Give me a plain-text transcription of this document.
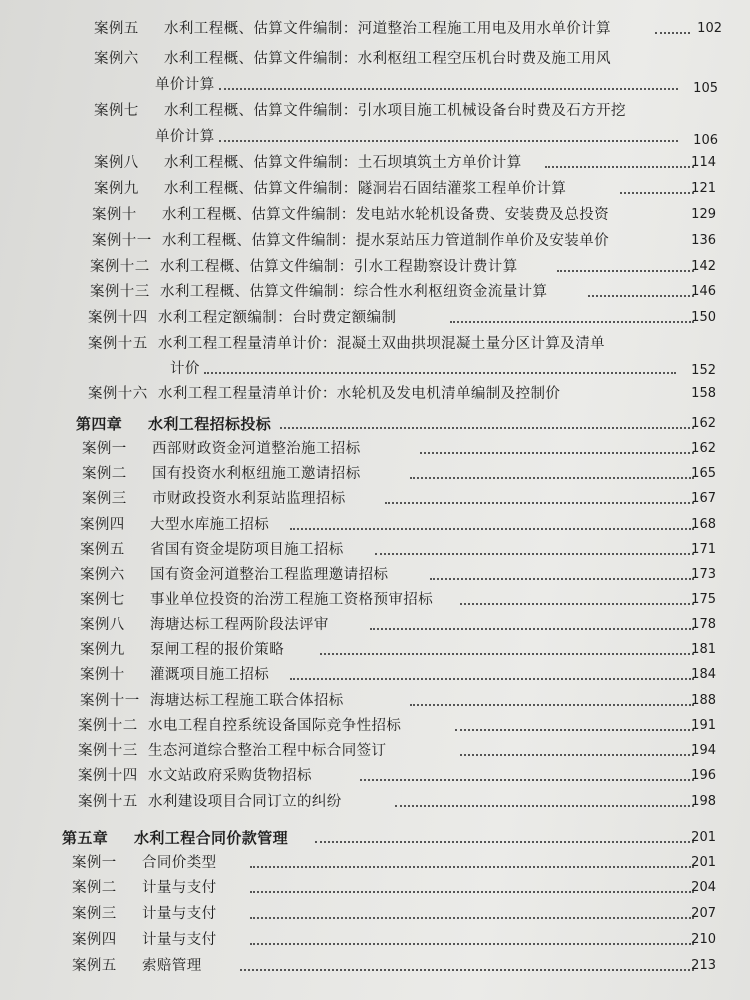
案例五 水利工程概、估算文件编制：河道整治工程施工用电及用水单价计算	102
案例六 水利工程概、估算文件编制：水利枢纽工程空压机台时费及施工用风
单价计算	105
案例七 水利工程概、估算文件编制：引水项目施工机械设备台时费及石方开挖
单价计算	106
案例八 水利工程概、估算文件编制：土石坝填筑土方单价计算	114
案例九 水利工程概、估算文件编制：隧洞岩石固结灌浆工程单价计算	121
案例十 水利工程概、估算文件编制：发电站水轮机设备费、安装费及总投资	129
案例十一 水利工程概、估算文件编制：提水泵站压力管道制作单价及安装单价	136
案例十二 水利工程概、估算文件编制：引水工程勘察设计费计算	142
案例十三 水利工程概、估算文件编制：综合性水利枢纽资金流量计算	146
案例十四 水利工程定额编制：台时费定额编制	150
案例十五 水利工程工程量清单计价：混凝土双曲拱坝混凝土量分区计算及清单
计价	152
案例十六 水利工程工程量清单计价：水轮机及发电机清单编制及控制价	158
第四章 水利工程招标投标	162
案例一 西部财政资金河道整治施工招标	162
案例二 国有投资水利枢纽施工邀请招标	165
案例三 市财政投资水利泵站监理招标	167
案例四 大型水库施工招标	168
案例五 省国有资金堤防项目施工招标	171
案例六 国有资金河道整治工程监理邀请招标	173
案例七 事业单位投资的治涝工程施工资格预审招标	175
案例八 海塘达标工程两阶段法评审	178
案例九 泵闸工程的报价策略	181
案例十 灌溉项目施工招标	184
案例十一 海塘达标工程施工联合体招标	188
案例十二 水电工程自控系统设备国际竞争性招标	191
案例十三 生态河道综合整治工程中标合同签订	194
案例十四 水文站政府采购货物招标	196
案例十五 水利建设项目合同订立的纠纷	198
第五章 水利工程合同价款管理	201
案例一 合同价类型	201
案例二 计量与支付	204
案例三 计量与支付	207
案例四 计量与支付	210
案例五 索赔管理	213
